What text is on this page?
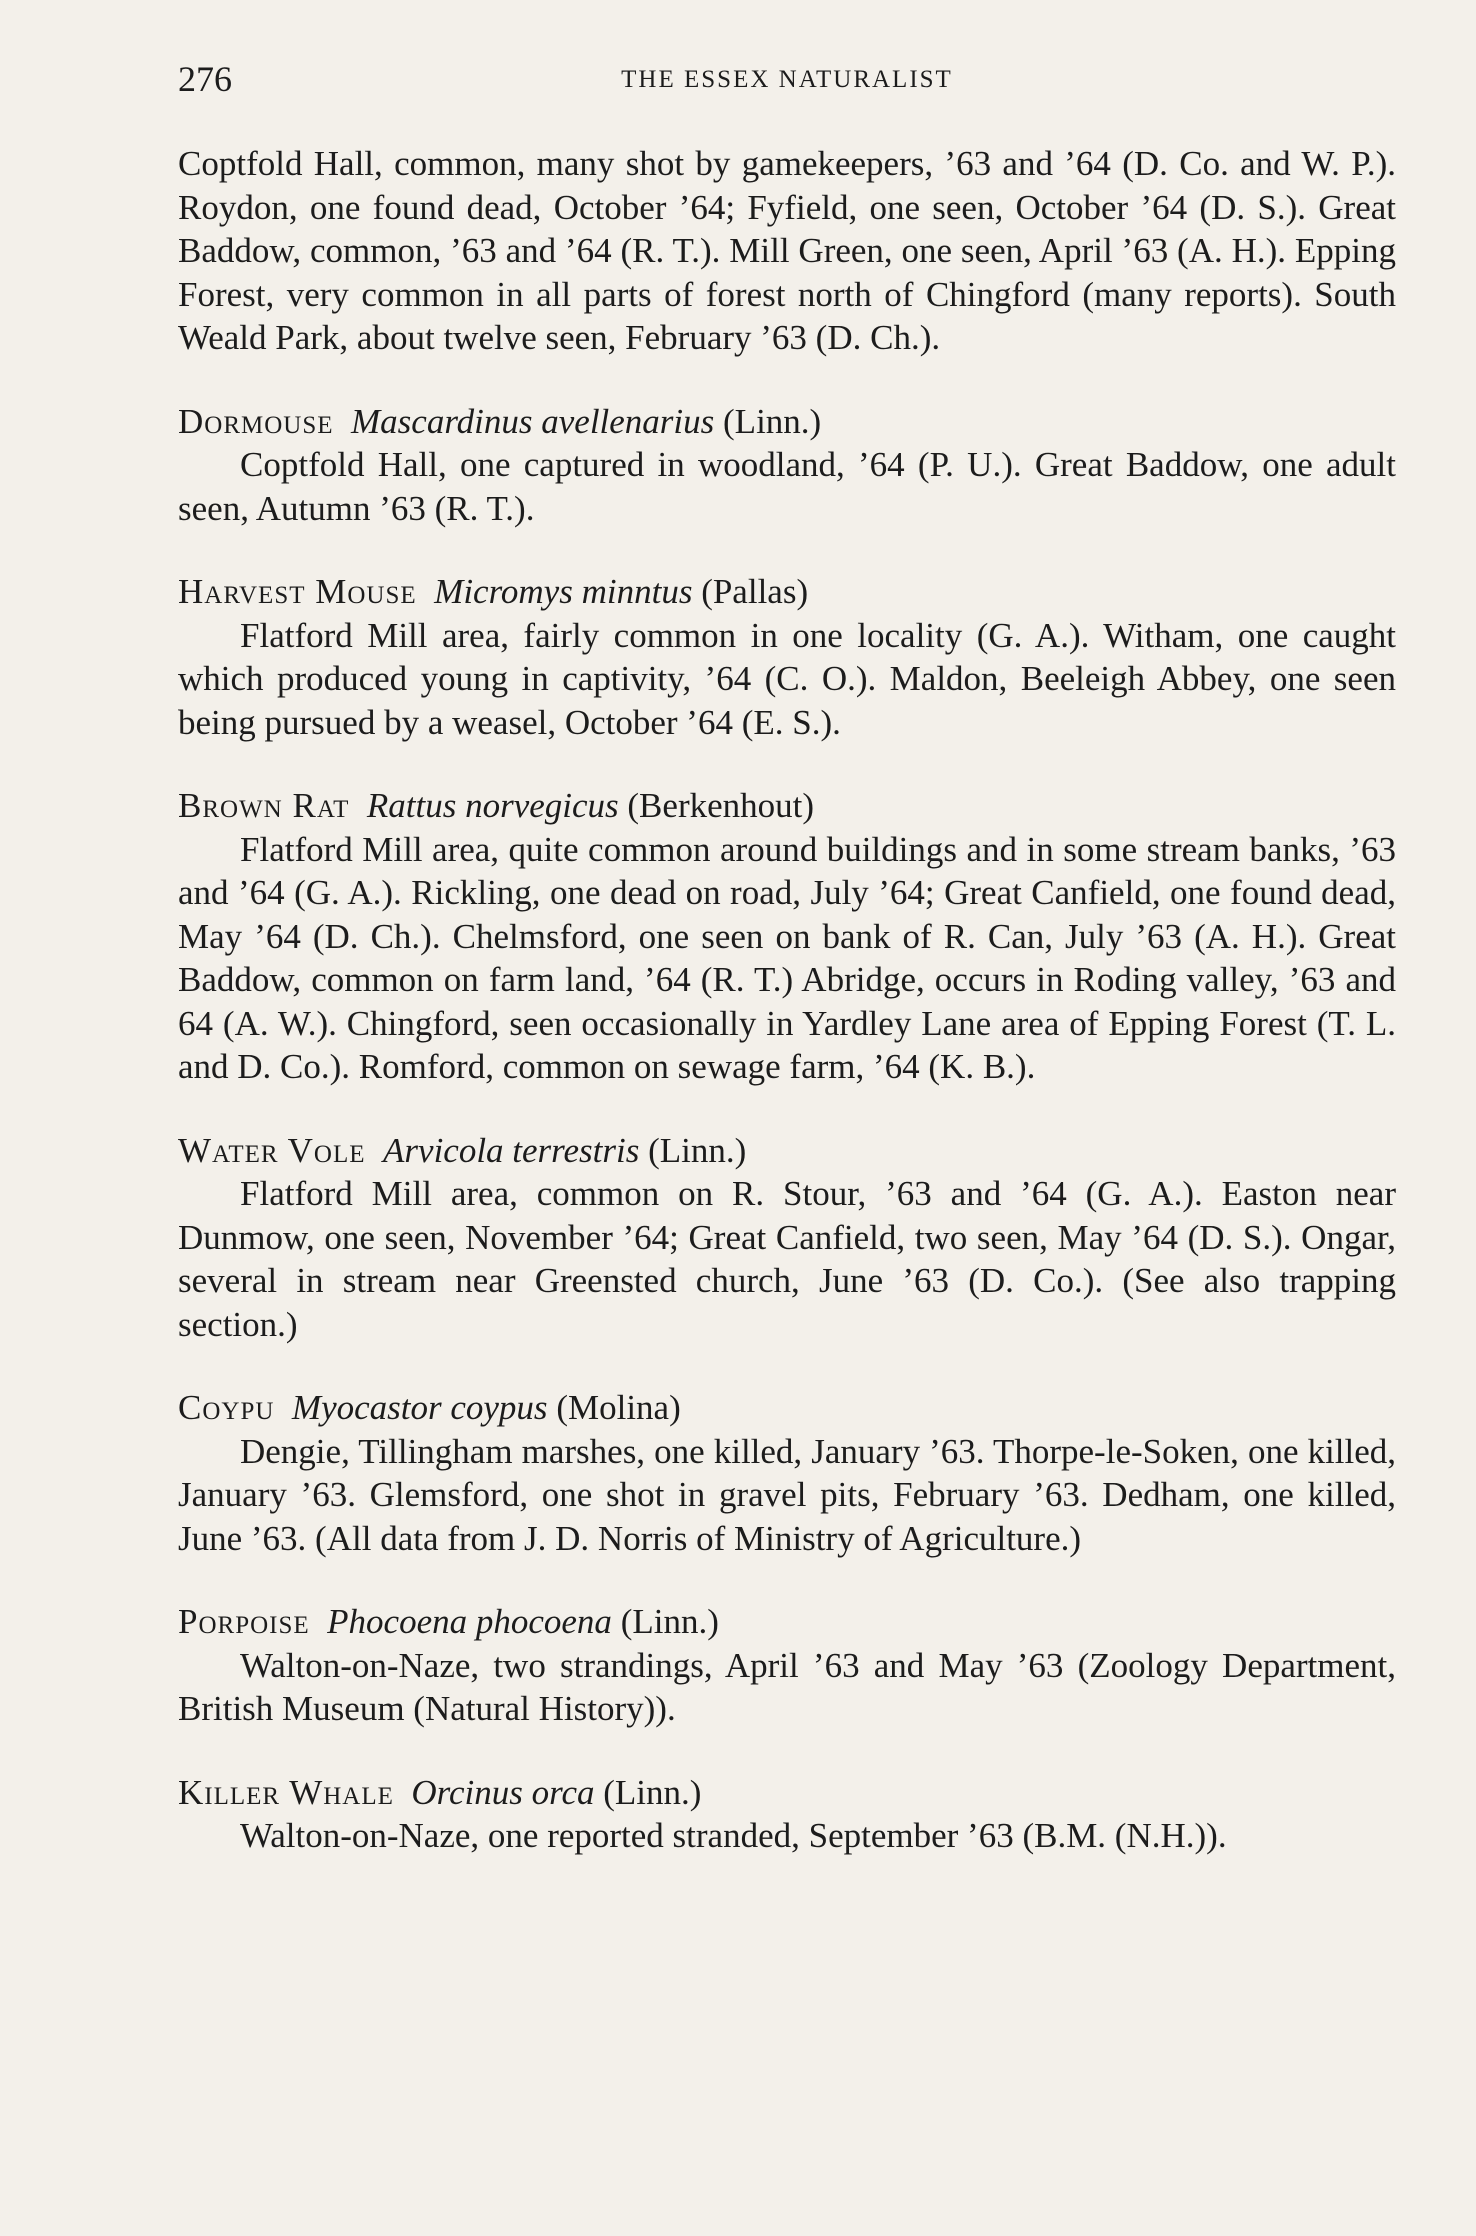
276	THE ESSEX NATURALIST

Coptfold Hall, common, many shot by gamekeepers, ’63 and ’64 (D. Co. and W. P.). Roydon, one found dead, October ’64; Fyfield, one seen, October ’64 (D. S.). Great Baddow, common, ’63 and ’64 (R. T.). Mill Green, one seen, April ’63 (A. H.). Epping Forest, very common in all parts of forest north of Chingford (many reports). South Weald Park, about twelve seen, February ’63 (D. Ch.).

Dormouse Mascardinus avellenarius (Linn.)

Coptfold Hall, one captured in woodland, ’64 (P. U.). Great Baddow, one adult seen, Autumn ’63 (R. T.).

Harvest Mouse Micromys minntus (Pallas)

Flatford Mill area, fairly common in one locality (G. A.). Witham, one caught which produced young in captivity, ’64 (C. O.). Maldon, Beeleigh Abbey, one seen being pursued by a weasel, October ’64 (E. S.).

Brown Rat Rattus norvegicus (Berkenhout)

Flatford Mill area, quite common around buildings and in some stream banks, ’63 and ’64 (G. A.). Rickling, one dead on road, July ’64; Great Canfield, one found dead, May ’64 (D. Ch.). Chelmsford, one seen on bank of R. Can, July ’63 (A. H.). Great Baddow, common on farm land, ’64 (R. T.) Abridge, occurs in Roding valley, ’63 and 64 (A. W.). Chingford, seen occasionally in Yardley Lane area of Epping Forest (T. L. and D. Co.). Romford, common on sewage farm, ’64 (K. B.).

Water Vole Arvicola terrestris (Linn.)

Flatford Mill area, common on R. Stour, ’63 and ’64 (G. A.). Easton near Dunmow, one seen, November ’64; Great Canfield, two seen, May ’64 (D. S.). Ongar, several in stream near Greensted church, June ’63 (D. Co.). (See also trapping section.)

Coypu Myocastor coypus (Molina)

Dengie, Tillingham marshes, one killed, January ’63. Thorpe-le-Soken, one killed, January ’63. Glemsford, one shot in gravel pits, February ’63. Dedham, one killed, June ’63. (All data from J. D. Norris of Ministry of Agriculture.)

Porpoise Phocoena phocoena (Linn.)

Walton-on-Naze, two strandings, April ’63 and May ’63 (Zoology Department, British Museum (Natural History)).

Killer Whale Orcinus orca (Linn.)

Walton-on-Naze, one reported stranded, September ’63 (B.M. (N.H.)).
